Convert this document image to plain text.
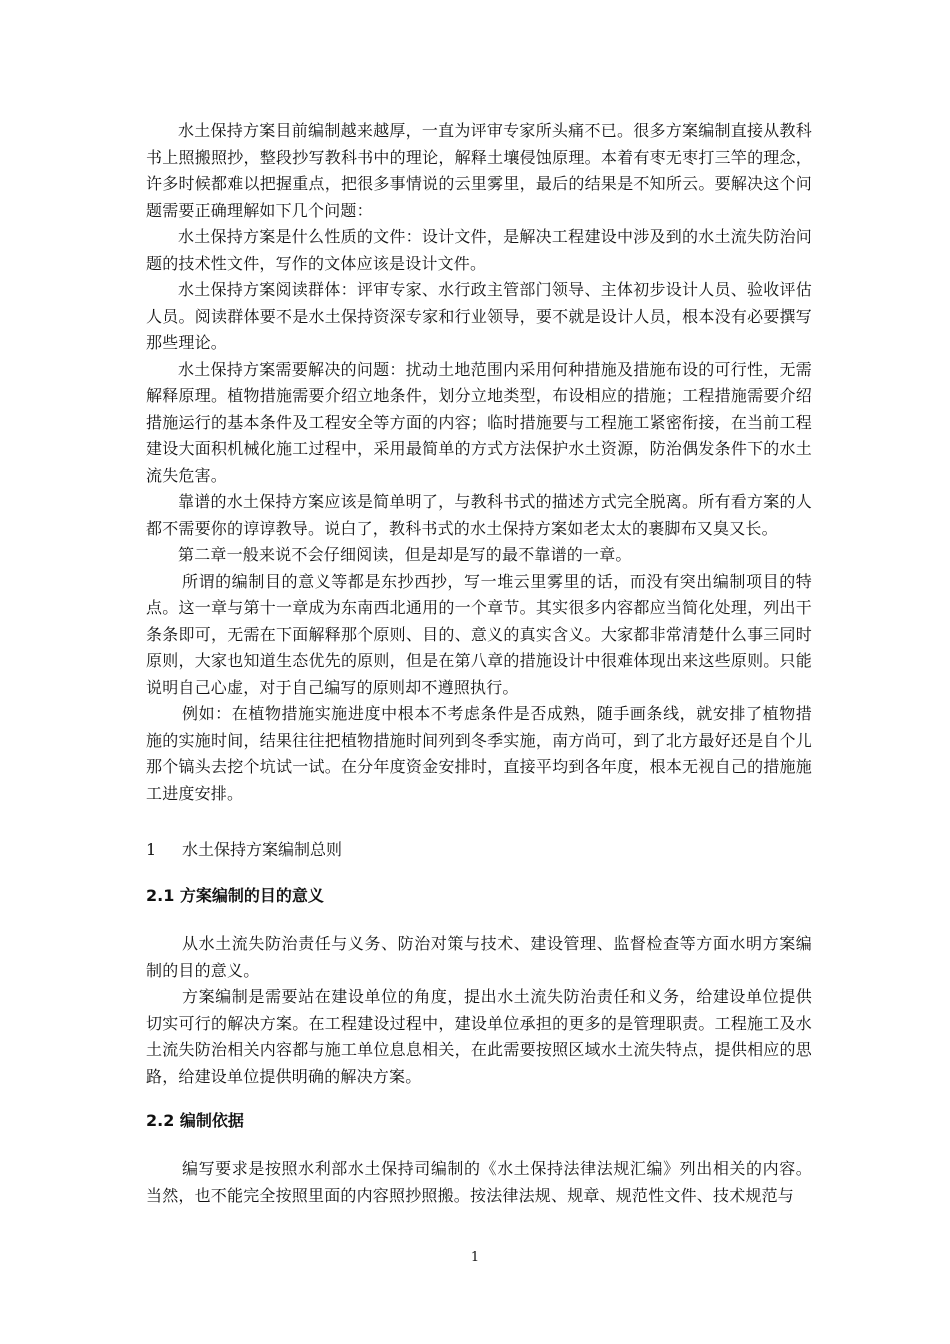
水土保持方案目前编制越来越厚，一直为评审专家所头痛不已。很多方案编制直接从教科书上照搬照抄，整段抄写教科书中的理论，解释土壤侵蚀原理。本着有枣无枣打三竿的理念，许多时候都难以把握重点，把很多事情说的云里雾里，最后的结果是不知所云。要解决这个问题需要正确理解如下几个问题：

水土保持方案是什么性质的文件：设计文件，是解决工程建设中涉及到的水土流失防治问题的技术性文件，写作的文体应该是设计文件。

水土保持方案阅读群体：评审专家、水行政主管部门领导、主体初步设计人员、验收评估人员。阅读群体要不是水土保持资深专家和行业领导，要不就是设计人员，根本没有必要撰写那些理论。

水土保持方案需要解决的问题：扰动土地范围内采用何种措施及措施布设的可行性，无需解释原理。植物措施需要介绍立地条件，划分立地类型，布设相应的措施；工程措施需要介绍措施运行的基本条件及工程安全等方面的内容；临时措施要与工程施工紧密衔接，在当前工程建设大面积机械化施工过程中，采用最简单的方式方法保护水土资源，防治偶发条件下的水土流失危害。

靠谱的水土保持方案应该是简单明了，与教科书式的描述方式完全脱离。所有看方案的人都不需要你的谆谆教导。说白了，教科书式的水土保持方案如老太太的裹脚布又臭又长。

第二章一般来说不会仔细阅读，但是却是写的最不靠谱的一章。

所谓的编制目的意义等都是东抄西抄，写一堆云里雾里的话，而没有突出编制项目的特点。这一章与第十一章成为东南西北通用的一个章节。其实很多内容都应当简化处理，列出干条条即可，无需在下面解释那个原则、目的、意义的真实含义。大家都非常清楚什么事三同时原则，大家也知道生态优先的原则，但是在第八章的措施设计中很难体现出来这些原则。只能说明自己心虚，对于自己编写的原则却不遵照执行。

例如：在植物措施实施进度中根本不考虑条件是否成熟，随手画条线，就安排了植物措施的实施时间，结果往往把植物措施时间列到冬季实施，南方尚可，到了北方最好还是自个儿那个镐头去挖个坑试一试。在分年度资金安排时，直接平均到各年度，根本无视自己的措施施工进度安排。

1	水土保持方案编制总则
2.1 方案编制的目的意义

从水土流失防治责任与义务、防治对策与技术、建设管理、监督检查等方面水明方案编制的目的意义。

方案编制是需要站在建设单位的角度，提出水土流失防治责任和义务，给建设单位提供切实可行的解决方案。在工程建设过程中，建设单位承担的更多的是管理职责。工程施工及水土流失防治相关内容都与施工单位息息相关，在此需要按照区域水土流失特点，提供相应的思路，给建设单位提供明确的解决方案。

2.2 编制依据

编写要求是按照水利部水土保持司编制的《水土保持法律法规汇编》列出相关的内容。当然，也不能完全按照里面的内容照抄照搬。按法律法规、规章、规范性文件、技术规范与

1
